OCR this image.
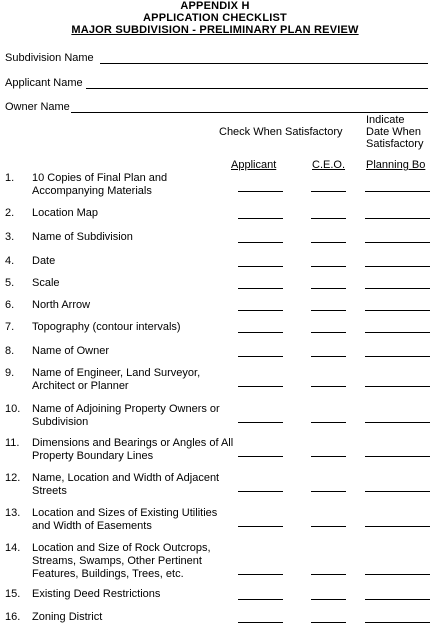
APPENDIX H
APPLICATION CHECKLIST
MAJOR SUBDIVISION - PRELIMINARY PLAN REVIEW
Subdivision Name
Applicant Name
Owner Name
Check When Satisfactory
Indicate
Date When
Satisfactory
Applicant	C.E.O. Planning Bo
1. 10 Copies of Final Plan and Accompanying Materials
2. Location Map
3. Name of Subdivision
4. Date
5. Scale
6. North Arrow
7. Topography (contour intervals)
8. Name of Owner
9. Name of Engineer, Land Surveyor, Architect or Planner
10. Name of Adjoining Property Owners or Subdivision
11. Dimensions and Bearings or Angles of All Property Boundary Lines
12. Name, Location and Width of Adjacent Streets
13. Location and Sizes of Existing Utilities and Width of Easements
14. Location and Size of Rock Outcrops, Streams, Swamps, Other Pertinent Features, Buildings, Trees, etc.
15. Existing Deed Restrictions
16. Zoning District
